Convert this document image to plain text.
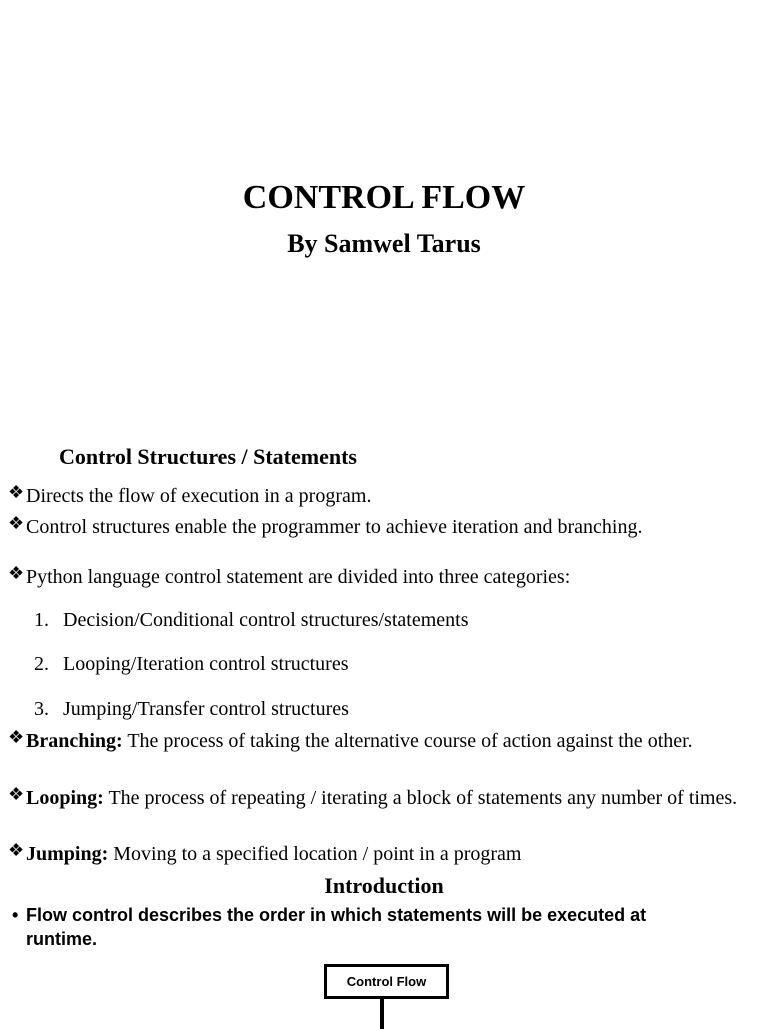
CONTROL FLOW
By Samwel Tarus
Control Structures / Statements
❖ Directs the flow of execution in a program.
❖ Control structures enable the programmer to achieve iteration and branching.
❖ Python language control statement are divided into three categories:
1. Decision/Conditional control structures/statements
2. Looping/Iteration control structures
3. Jumping/Transfer control structures
❖ Branching: The process of taking the alternative course of action against the other.
❖ Looping: The process of repeating / iterating a block of statements any number of times.
❖ Jumping: Moving to a specified location / point in a program
Introduction
• Flow control describes the order in which statements will be executed at runtime.
Control Flow
